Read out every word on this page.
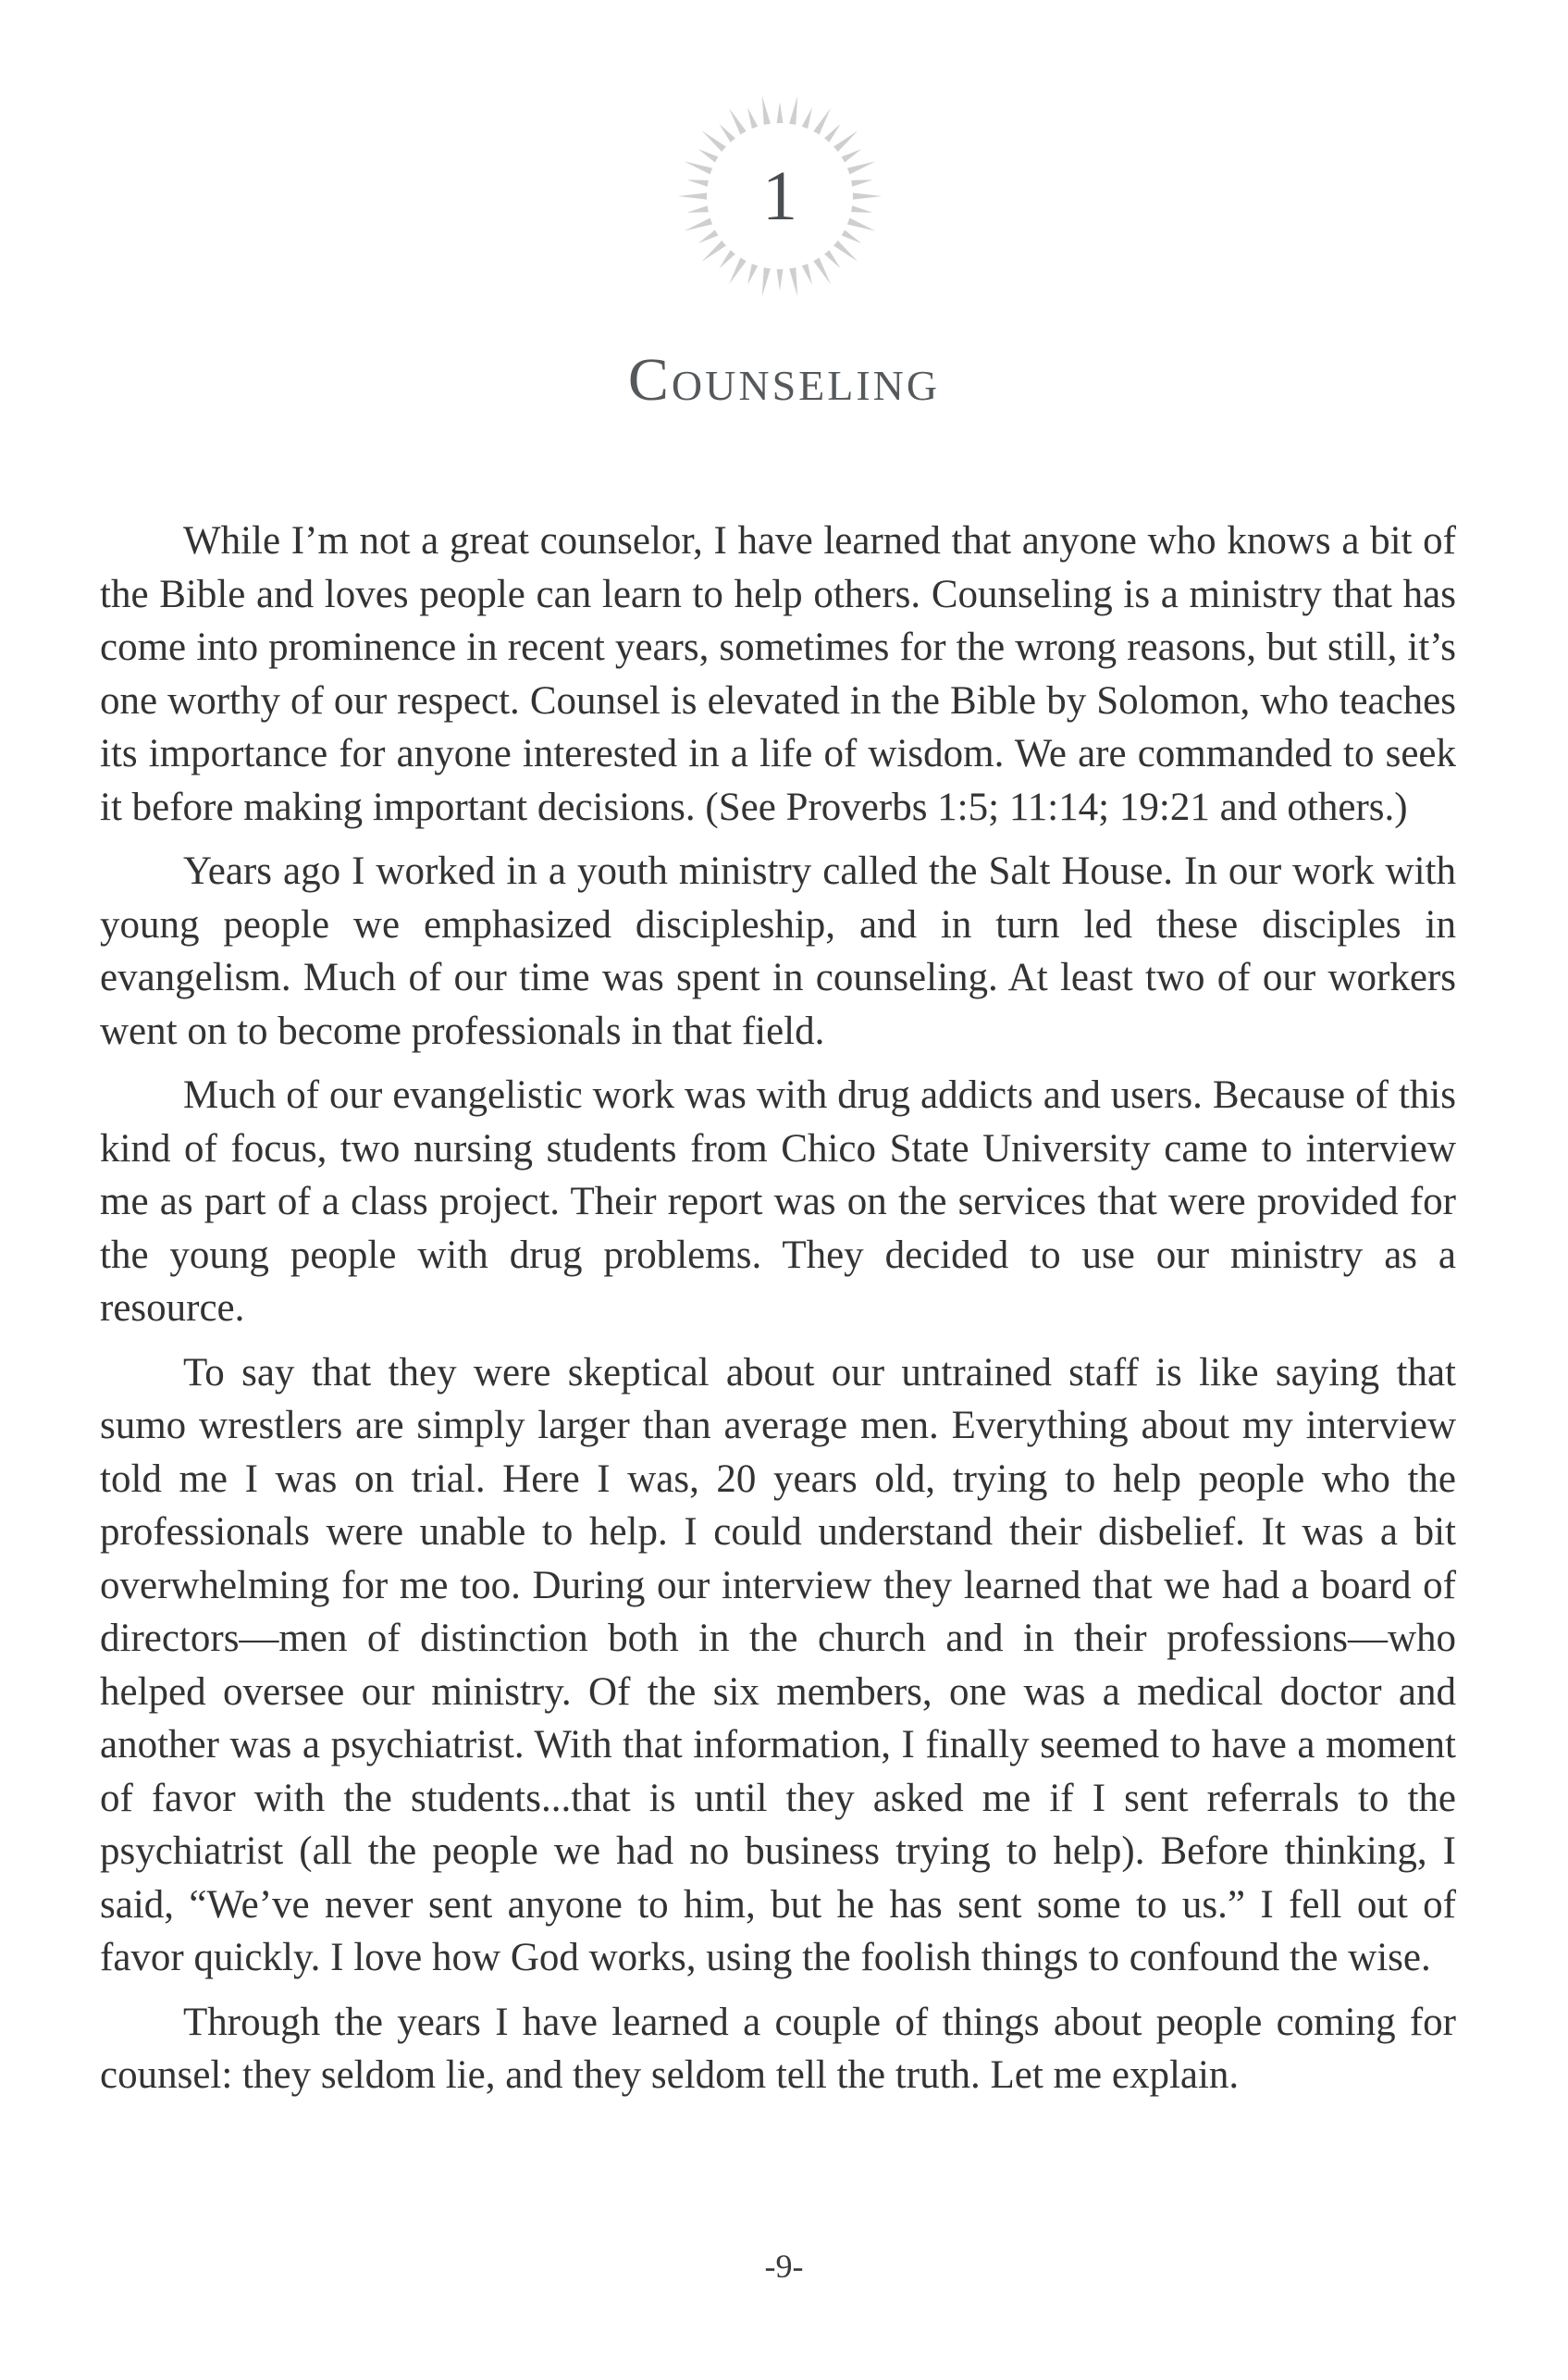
1
Counseling

While I’m not a great counselor, I have learned that anyone who knows a bit of the Bible and loves people can learn to help others. Counseling is a ministry that has come into prominence in recent years, sometimes for the wrong reasons, but still, it’s one worthy of our respect. Counsel is elevated in the Bible by Solomon, who teaches its importance for anyone interested in a life of wisdom. We are commanded to seek it before making important decisions. (See Proverbs 1:5; 11:14; 19:21 and others.)

Years ago I worked in a youth ministry called the Salt House. In our work with young people we emphasized discipleship, and in turn led these disciples in evangelism. Much of our time was spent in counseling. At least two of our workers went on to become professionals in that field.

Much of our evangelistic work was with drug addicts and users. Because of this kind of focus, two nursing students from Chico State University came to interview me as part of a class project. Their report was on the services that were provided for the young people with drug problems. They decided to use our ministry as a resource.

To say that they were skeptical about our untrained staff is like saying that sumo wrestlers are simply larger than average men. Everything about my interview told me I was on trial. Here I was, 20 years old, trying to help people who the professionals were unable to help. I could understand their disbelief. It was a bit overwhelming for me too. During our interview they learned that we had a board of directors—men of distinction both in the church and in their professions—who helped oversee our ministry. Of the six members, one was a medical doctor and another was a psychiatrist. With that information, I finally seemed to have a moment of favor with the students...that is until they asked me if I sent referrals to the psychiatrist (all the people we had no business trying to help). Before thinking, I said, “We’ve never sent anyone to him, but he has sent some to us.” I fell out of favor quickly. I love how God works, using the foolish things to confound the wise.

Through the years I have learned a couple of things about people coming for counsel: they seldom lie, and they seldom tell the truth. Let me explain.

-9-
